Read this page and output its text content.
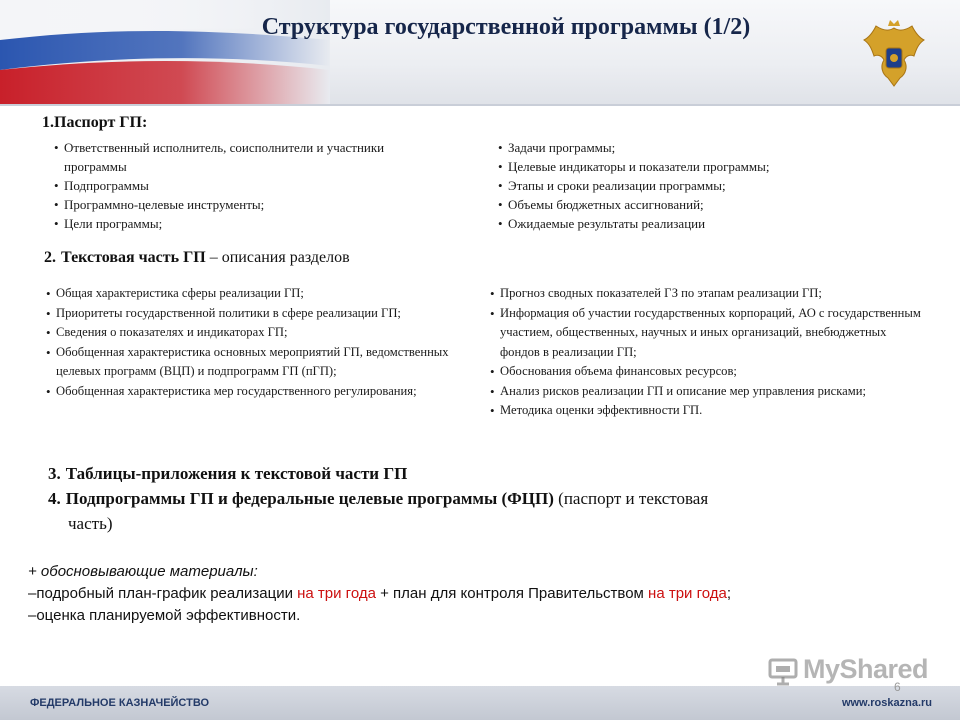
Структура государственной программы (1/2)
1.Паспорт ГП:
• Ответственный исполнитель, соисполнители и участники
программы
• Подпрограммы
• Программно-целевые инструменты;
• Цели программы;
• Задачи программы;
• Целевые индикаторы и показатели программы;
• Этапы и сроки реализации программы;
• Объемы бюджетных ассигнований;
• Ожидаемые результаты реализации
2. Текстовая часть ГП – описания разделов
• Общая характеристика сферы реализации ГП;
• Приоритеты государственной политики в сфере реализации ГП;
• Сведения о показателях и индикаторах ГП;
• Обобщенная характеристика основных мероприятий ГП, ведомственных целевых программ (ВЦП) и подпрограмм ГП (пГП);
• Обобщенная характеристика мер государственного регулирования;
• Прогноз сводных показателей ГЗ по этапам реализации ГП;
• Информация об участии государственных корпораций, АО с государственным участием, общественных, научных и иных организаций, внебюджетных фондов в реализации ГП;
• Обоснования объема финансовых ресурсов;
• Анализ рисков реализации ГП и описание мер управления рисками;
• Методика оценки эффективности ГП.
3. Таблицы-приложения к текстовой части ГП
4. Подпрограммы ГП и федеральные целевые программы (ФЦП) (паспорт и текстовая
часть)
+ обосновывающие материалы:
–подробный план-график реализации на три года + план для контроля Правительством на три года;
–оценка планируемой эффективности.
MyShared
ФЕДЕРАЛЬНОЕ КАЗНАЧЕЙСТВО	www.roskazna.ru
6
